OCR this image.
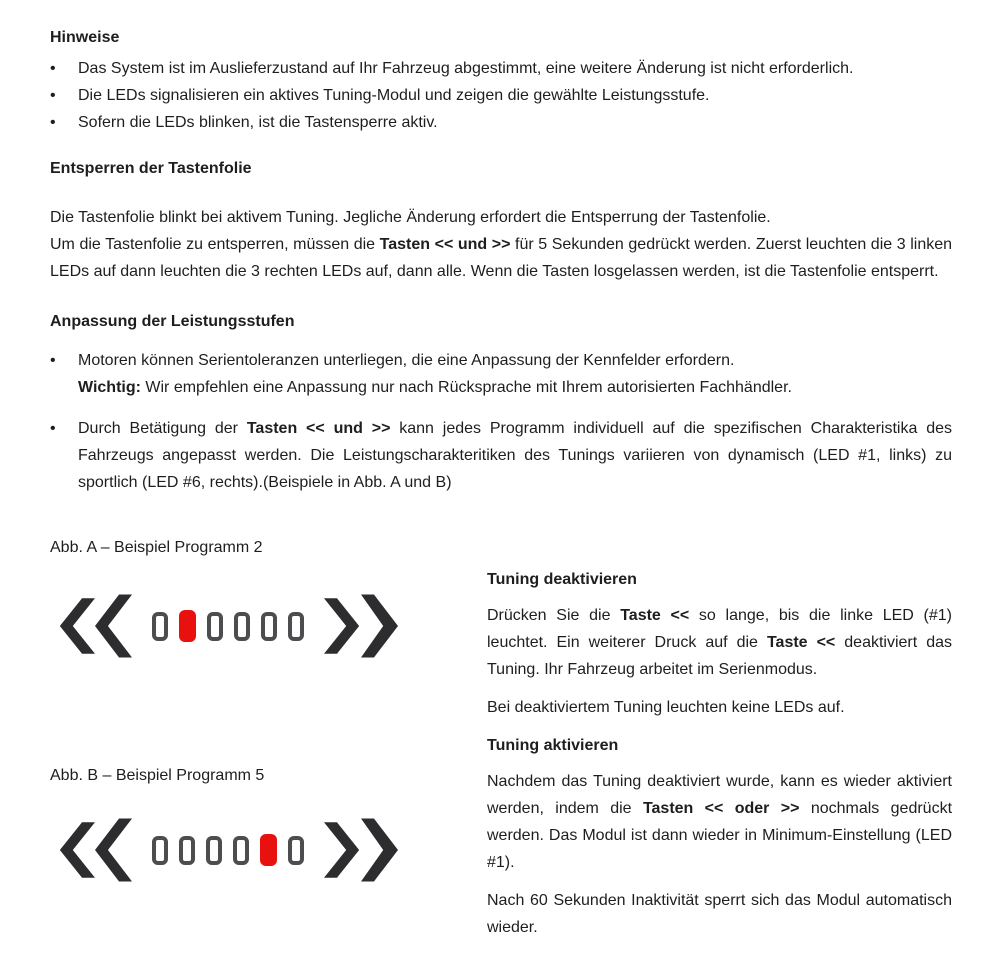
Hinweise
•	Das System ist im Auslieferzustand auf Ihr Fahrzeug abgestimmt, eine weitere Änderung ist nicht erforderlich.
•	Die LEDs signalisieren ein aktives Tuning-Modul und zeigen die gewählte Leistungsstufe.
•	Sofern die LEDs blinken, ist die Tastensperre aktiv.
Entsperren der Tastenfolie

Die Tastenfolie blinkt bei aktivem Tuning. Jegliche Änderung erfordert die Entsperrung der Tastenfolie.
Um die Tastenfolie zu entsperren, müssen die Tasten << und >> für 5 Sekunden gedrückt werden. Zuerst leuchten die 3 linken LEDs auf dann leuchten die 3 rechten LEDs auf, dann alle. Wenn die Tasten losgelassen werden, ist die Tastenfolie entsperrt.

Anpassung der Leistungsstufen
•	Motoren können Serientoleranzen unterliegen, die eine Anpassung der Kennfelder erfordern.
Wichtig: Wir empfehlen eine Anpassung nur nach Rücksprache mit Ihrem autorisierten Fachhändler.
•	Durch Betätigung der Tasten << und >> kann jedes Programm individuell auf die spezifischen Charakteristika des Fahrzeugs angepasst werden. Die Leistungscharakteritiken des Tunings variieren von dynamisch (LED #1, links) zu sportlich (LED #6, rechts).(Beispiele in Abb. A und B)

Abb. A – Beispiel Programm 2

Abb. B – Beispiel Programm 5

Tuning deaktivieren

Drücken Sie die Taste << so lange, bis die linke LED (#1) leuchtet. Ein weiterer Druck auf die Taste << deaktiviert das Tuning. Ihr Fahrzeug arbeitet im Serienmodus.

Bei deaktiviertem Tuning leuchten keine LEDs auf.

Tuning aktivieren

Nachdem das Tuning deaktiviert wurde, kann es wieder aktiviert werden, indem die Tasten << oder >> nochmals gedrückt werden. Das Modul ist dann wieder in Minimum-Einstellung (LED #1).

Nach 60 Sekunden Inaktivität sperrt sich das Modul automatisch wieder.
